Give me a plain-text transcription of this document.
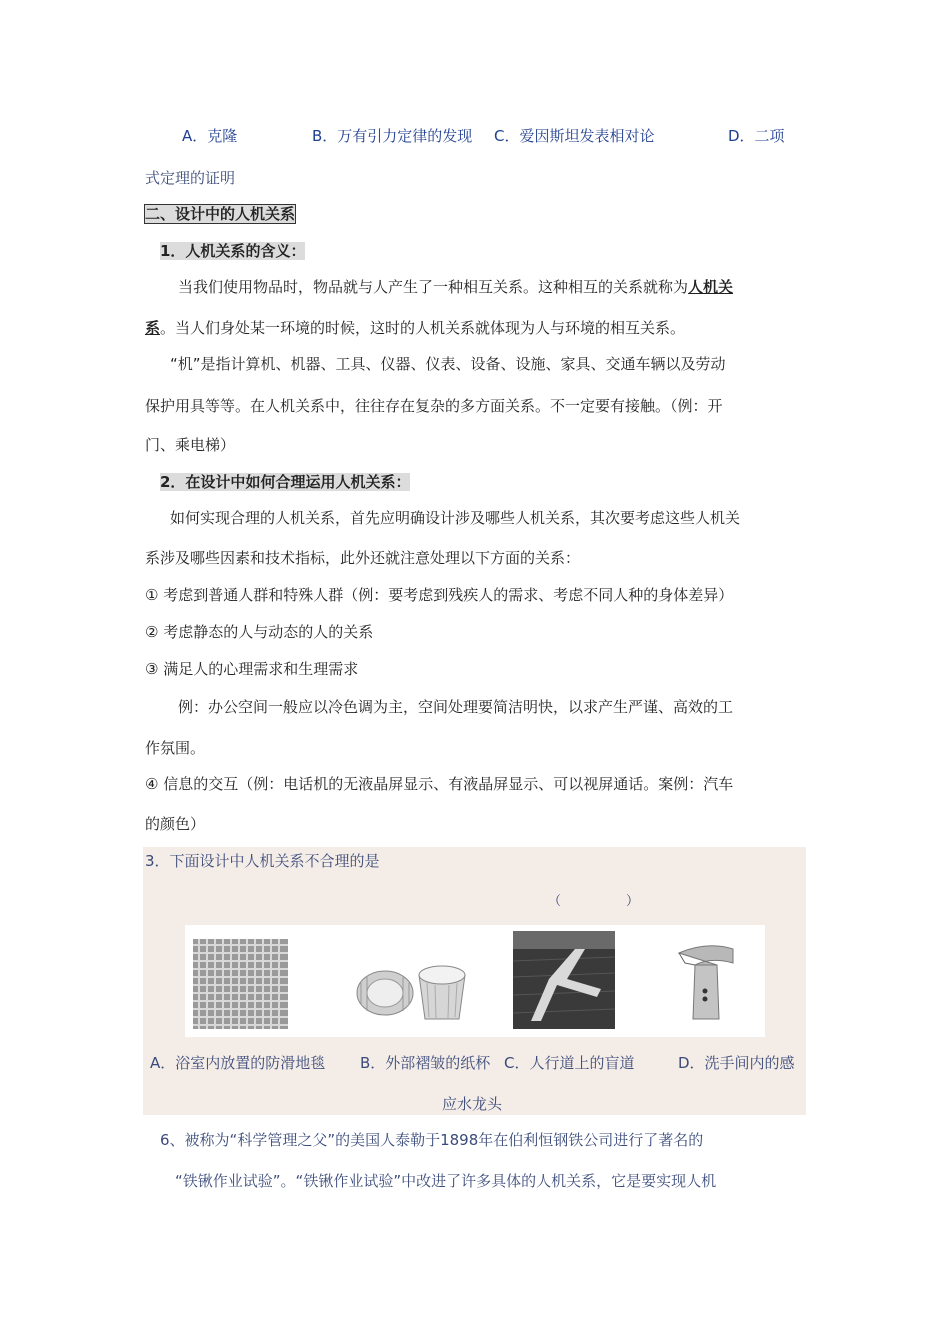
A．克隆	B．万有引力定律的发现 C．爱因斯坦发表相对论	D．二项
式定理的证明
二、设计中的人机关系
1．人机关系的含义：
当我们使用物品时，物品就与人产生了一种相互关系。这种相互的关系就称为人机关
系。当人们身处某一环境的时候，这时的人机关系就体现为人与环境的相互关系。
“机”是指计算机、机器、工具、仪器、仪表、设备、设施、家具、交通车辆以及劳动
保护用具等等。在人机关系中，往往存在复杂的多方面关系。不一定要有接触。（例：开
门、乘电梯）
2．在设计中如何合理运用人机关系：
如何实现合理的人机关系，首先应明确设计涉及哪些人机关系，其次要考虑这些人机关
系涉及哪些因素和技术指标，此外还就注意处理以下方面的关系：
① 考虑到普通人群和特殊人群（例：要考虑到残疾人的需求、考虑不同人种的身体差异）
② 考虑静态的人与动态的人的关系
③ 满足人的心理需求和生理需求
例：办公空间一般应以冷色调为主，空间处理要简洁明快，以求产生严谨、高效的工
作氛围。
④ 信息的交互（例：电话机的无液晶屏显示、有液晶屏显示、可以视屏通话。案例：汽车
的颜色）
3．下面设计中人机关系不合理的是
（　　　　　）
A．浴室内放置的防滑地毯 B．外部褶皱的纸杯 C．人行道上的盲道	D．洗手间内的感
应水龙头
6、被称为“科学管理之父”的美国人泰勒于1898年在伯利恒钢铁公司进行了著名的
“铁锹作业试验”。“铁锹作业试验”中改进了许多具体的人机关系，它是要实现人机
